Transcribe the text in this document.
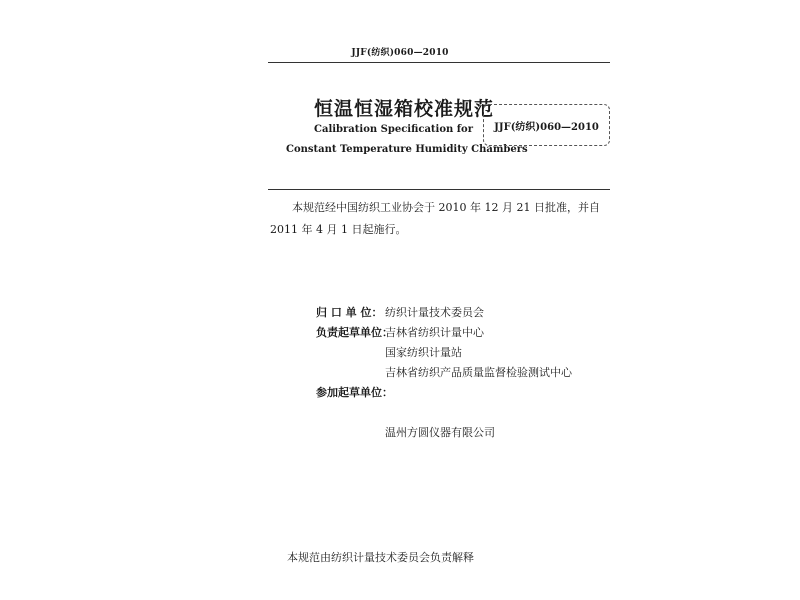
JJF(纺织)060—2010
恒温恒湿箱校准规范
Calibration Specification for
Constant Temperature Humidity Chambers
JJF(纺织)060—2010
本规范经中国纺织工业协会于 2010 年 12 月 21 日批准，并自 2011 年 4 月 1 日起施行。
归 口 单 位： 纺织计量技术委员会
负责起草单位：
吉林省纺织计量中心
国家纺织计量站
吉林省纺织产品质量监督检验测试中心
参加起草单位：
温州方圆仪器有限公司
本规范由纺织计量技术委员会负责解释
